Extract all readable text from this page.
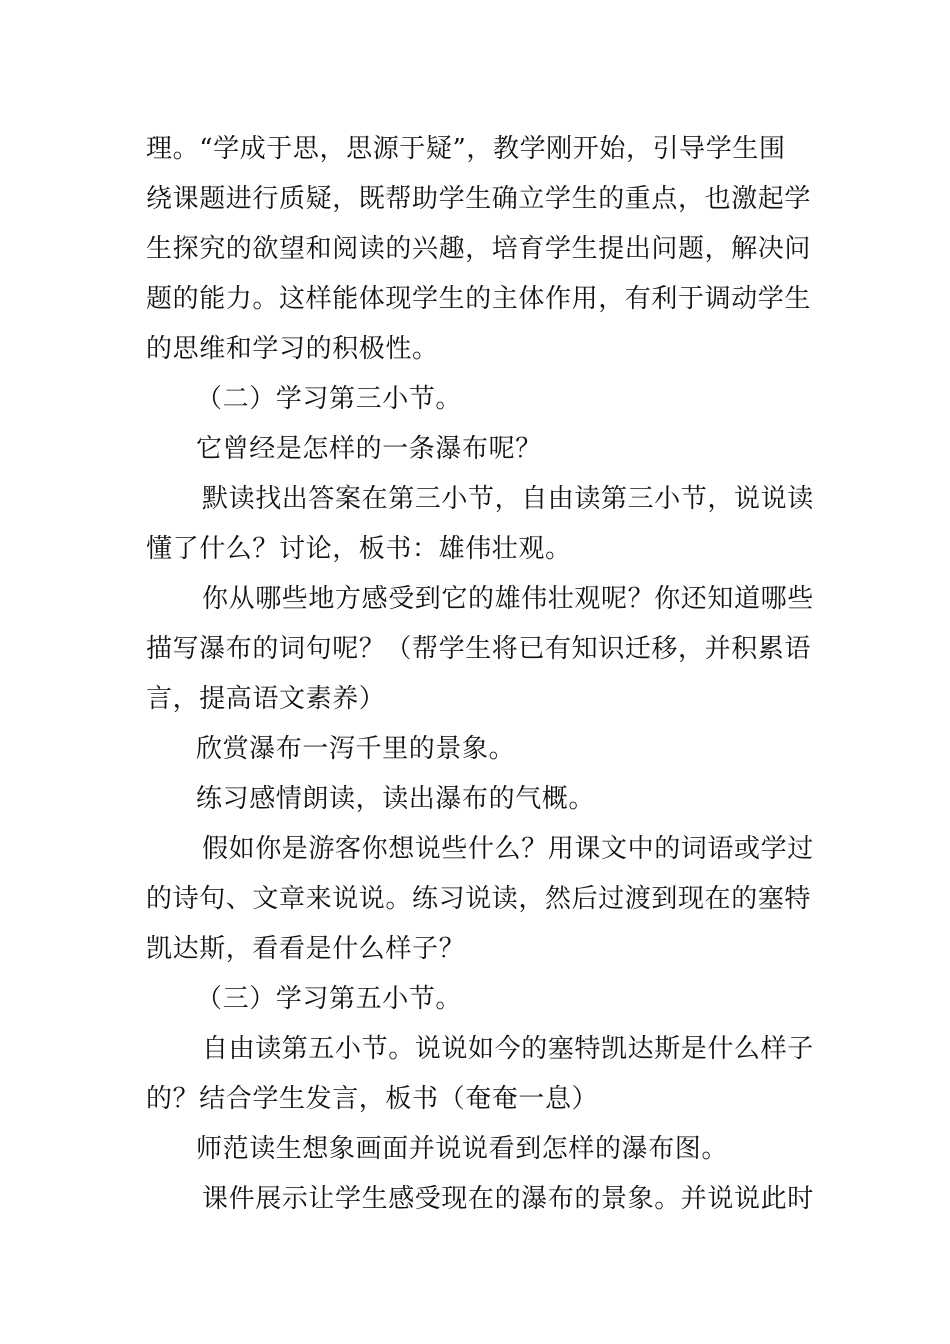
理。“学成于思，思源于疑”，教学刚开始，引导学生围
绕课题进行质疑，既帮助学生确立学生的重点，也激起学
生探究的欲望和阅读的兴趣，培育学生提出问题，解决问
题的能力。这样能体现学生的主体作用，有利于调动学生
的思维和学习的积极性。
（二）学习第三小节。
它曾经是怎样的一条瀑布呢？
默读找出答案在第三小节，自由读第三小节，说说读
懂了什么？讨论，板书：雄伟壮观。
你从哪些地方感受到它的雄伟壮观呢？你还知道哪些
描写瀑布的词句呢？（帮学生将已有知识迁移，并积累语
言，提高语文素养）
欣赏瀑布一泻千里的景象。
练习感情朗读，读出瀑布的气概。
假如你是游客你想说些什么？用课文中的词语或学过
的诗句、文章来说说。练习说读，然后过渡到现在的塞特
凯达斯，看看是什么样子？
（三）学习第五小节。
自由读第五小节。说说如今的塞特凯达斯是什么样子
的？结合学生发言，板书（奄奄一息）
师范读生想象画面并说说看到怎样的瀑布图。
课件展示让学生感受现在的瀑布的景象。并说说此时
